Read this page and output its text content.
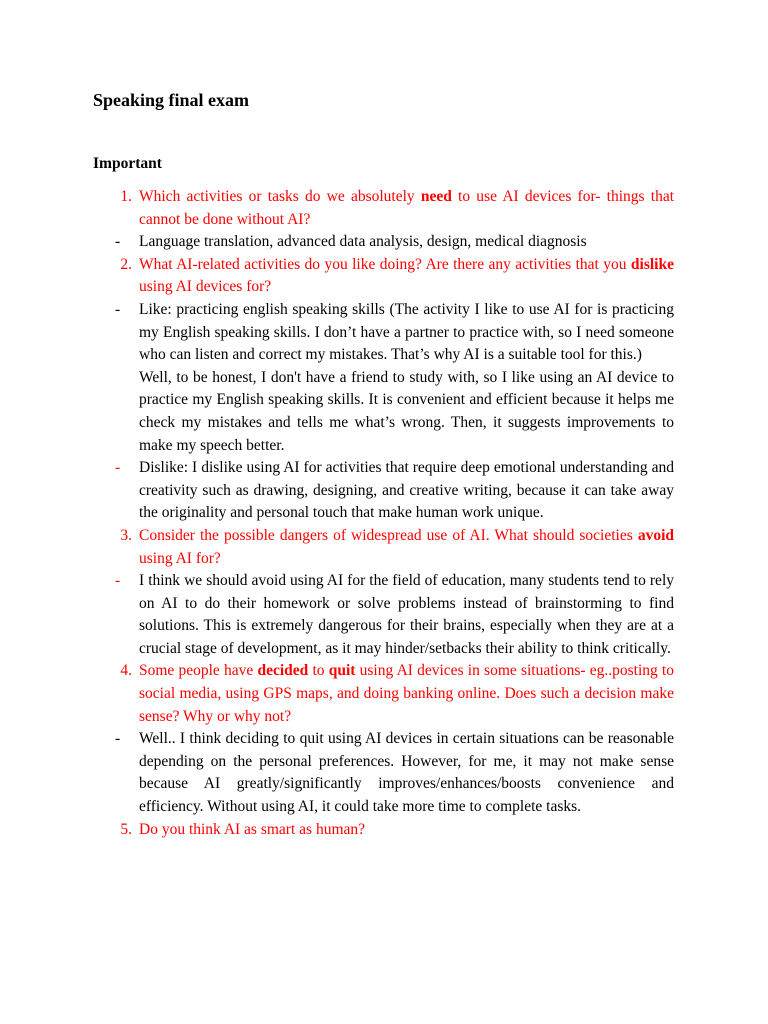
Speaking final exam
Important
1. Which activities or tasks do we absolutely need to use AI devices for- things that cannot be done without AI?
-	Language translation, advanced data analysis, design, medical diagnosis
2. What AI-related activities do you like doing? Are there any activities that you dislike using AI devices for?
-	Like: practicing english speaking skills (The activity I like to use AI for is practicing my English speaking skills. I don’t have a partner to practice with, so I need someone who can listen and correct my mistakes. That’s why AI is a suitable tool for this.)
Well, to be honest, I don't have a friend to study with, so I like using an AI device to practice my English speaking skills. It is convenient and efficient because it helps me check my mistakes and tells me what’s wrong. Then, it suggests improvements to make my speech better.
-	Dislike: I dislike using AI for activities that require deep emotional understanding and creativity such as drawing, designing, and creative writing, because it can take away the originality and personal touch that make human work unique.
3. Consider the possible dangers of widespread use of AI. What should societies avoid using AI for?
-	I think we should avoid using AI for the field of education, many students tend to rely on AI to do their homework or solve problems instead of brainstorming to find solutions. This is extremely dangerous for their brains, especially when they are at a crucial stage of development, as it may hinder/setbacks their ability to think critically.
4. Some people have decided to quit using AI devices in some situations- eg..posting to social media, using GPS maps, and doing banking online. Does such a decision make sense? Why or why not?
-	Well.. I think deciding to quit using AI devices in certain situations can be reasonable depending on the personal preferences. However, for me, it may not make sense because AI greatly/significantly improves/enhances/boosts convenience and efficiency. Without using AI, it could take more time to complete tasks.
5. Do you think AI as smart as human?
